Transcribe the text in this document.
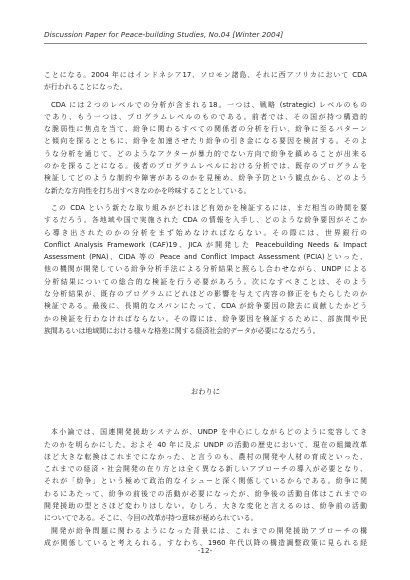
Discussion Paper for Peace-building Studies, No.04 [Winter 2004]
ことになる。2004 年にはインドネシア17、ソロモン諸島、それに西アフリカにおいて CDA
が行われることになった。
CDA には２つのレベルでの分析が含まれる18。一つは、戦略 (strategic) レベルのもの
であり、もう一つは、プログラムレベルのものである。前者では、その国が持つ構造的
な脆弱性に焦点を当て、紛争に関わるすべての関係者の分析を行い、紛争に至るパターン
と傾向を探るとともに、紛争を加速させたり紛争の引き金になる要因を検討する。そのよ
うな分析を通じて、どのようなアクターが暴力的でない方向で紛争を鎮めることが出来る
のかを探ることになる。後者のプログラムレベルにおける分析では、既存のプログラムを
検証してどのような制約や障害があるのかを見極め、紛争予防という観点から、どのよう
な新たな方向性を打ち出すべきなのかを吟味することとしている。
この CDA という新たな取り組みがどれほど有効かを検証するには、まだ相当の時間を要
するだろう。各地域や国で実施された CDA の情報を入手し、どのような紛争要因がそこか
ら導き出されたのかの分析をまず始めなければならない。その際には、世界銀行の
Conflict Analysis Framework (CAF)19、JICA が開発した Peacebuilding Needs & Impact
Assessment (PNA)、CIDA 等の Peace and Conflict Impact Assessment (PCIA)といった、
他の機関が開発している紛争分析手法による分析結果と照らし合わせながら、UNDP による
分析結果についての総合的な検証を行う必要があろう。次になすべきことは、そのよう
な分析結果が、既存のプログラムにどれほどの影響を与えて内容の修正をもたらしたのか
検証である。最後に、長期的なスパンにたって、CDA が紛争要因の除去に貢献したかどう
かの検証を行わなければならない。その際には、紛争要因を検証するために、部族間や民
族間あるいは地域間における様々な格差に関する経済社会的データが必要になるだろう。
おわりに
本小論では、国連開発援助システムが、UNDP を中心にしながらどのように変容してき
たのかを明らかにした。およそ 40 年に及ぶ UNDP の活動の歴史において、現在の組織改革
ほど大きな転換はこれまでになかった、と言うのも、農村の開発や人材の育成といった、
これまでの経済・社会開発の在り方とは全く異なる新しいアプローチの導入が必要となり、
それが「紛争」という極めて政治的なイシューと深く関係しているからである。紛争に関
わるにあたって、紛争の前後での活動が必要になったが、紛争後の活動自体はこれまでの
開発援助の型とさほど変わりはしない。むしろ、大きな変化と言えるのは、紛争前の活動
についてである。そこに、今回の改革が持つ意味が秘められている。
開発が紛争問題に関わるようになった背景には、これまでの開発援助アプローチの構
成が関係していると考えられる。すなわち、1960 年代以降の構造調整政策に見られる経
-12-
